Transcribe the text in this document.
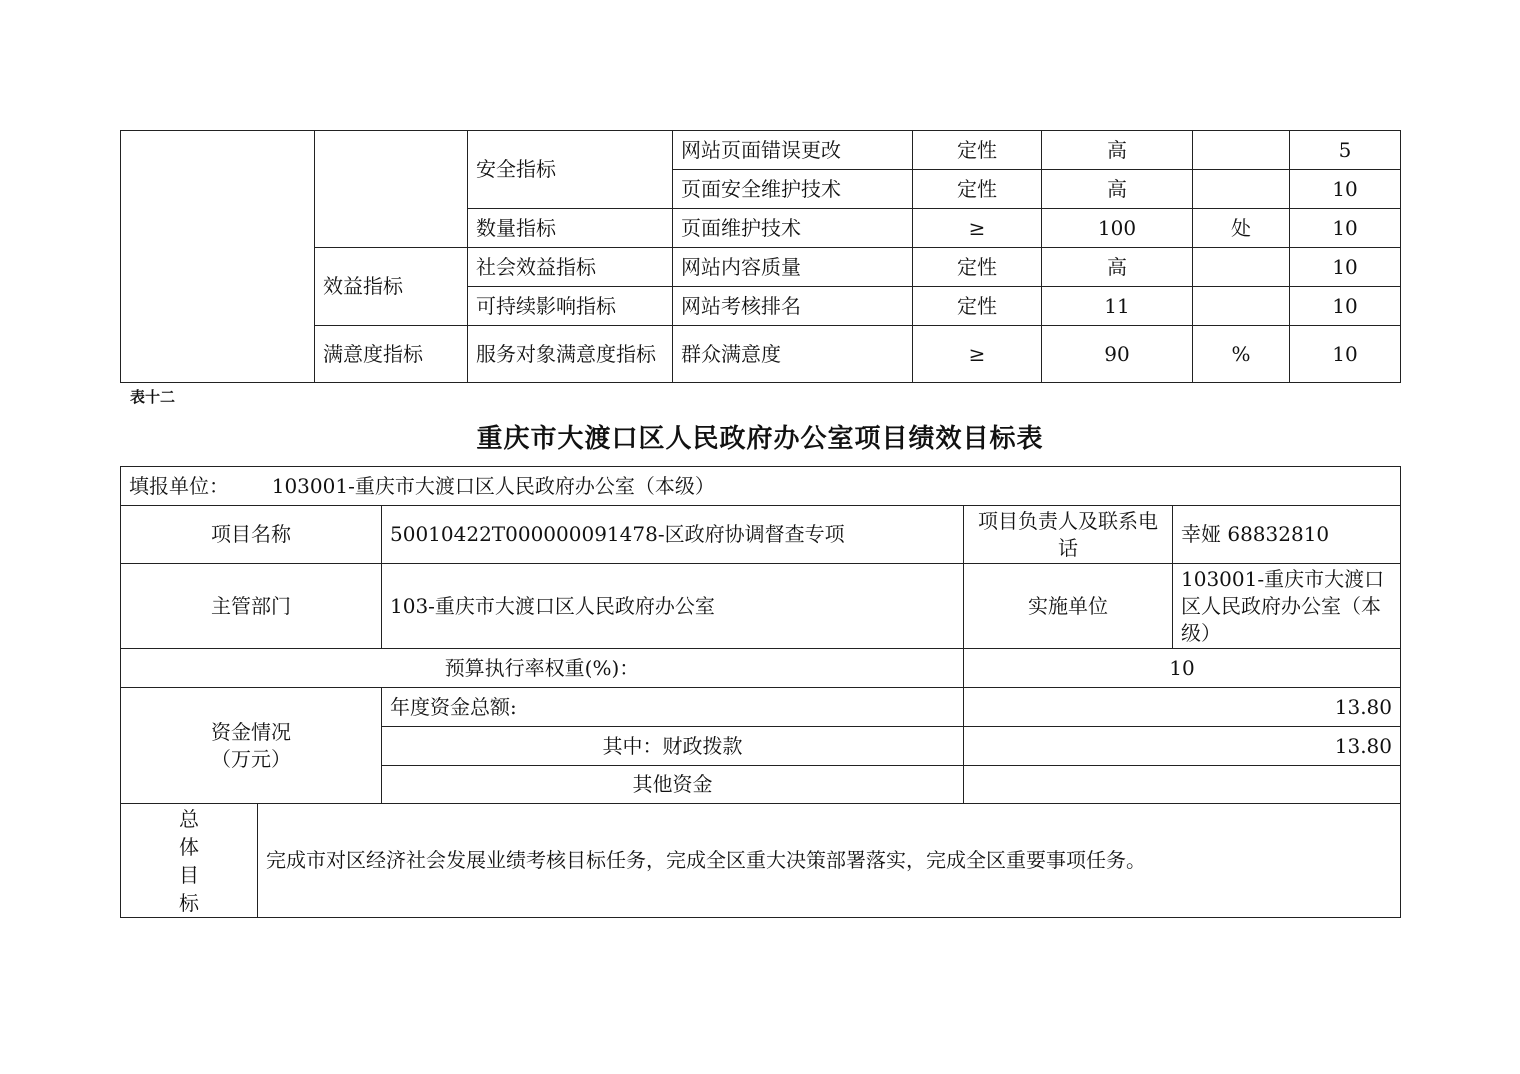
		安全指标	网站页面错误更改	定性	高		5
			页面安全维护技术	定性	高		10
		数量指标	页面维护技术	≥	100	处	10
	效益指标	社会效益指标	网站内容质量	定性	高		10
		可持续影响指标	网站考核排名	定性	11		10
	满意度指标	服务对象满意度指标	群众满意度	≥	90	%	10
表十二
重庆市大渡口区人民政府办公室项目绩效目标表
填报单位： 103001-重庆市大渡口区人民政府办公室（本级）				
项目名称		50010422T000000091478-区政府协调督查专项	项目负责人及联系电话	幸娅 68832810
主管部门		103-重庆市大渡口区人民政府办公室	实施单位	103001-重庆市大渡口区人民政府办公室（本级）
预算执行率权重(%)：			10	

资金情况
（万元）		年度资金总额:	13.80	
		其中：财政拨款	13.80	
		其他资金		

总
体
目
标	完成市对区经济社会发展业绩考核目标任务，完成全区重大决策部署落实，完成全区重要事项任务。			
